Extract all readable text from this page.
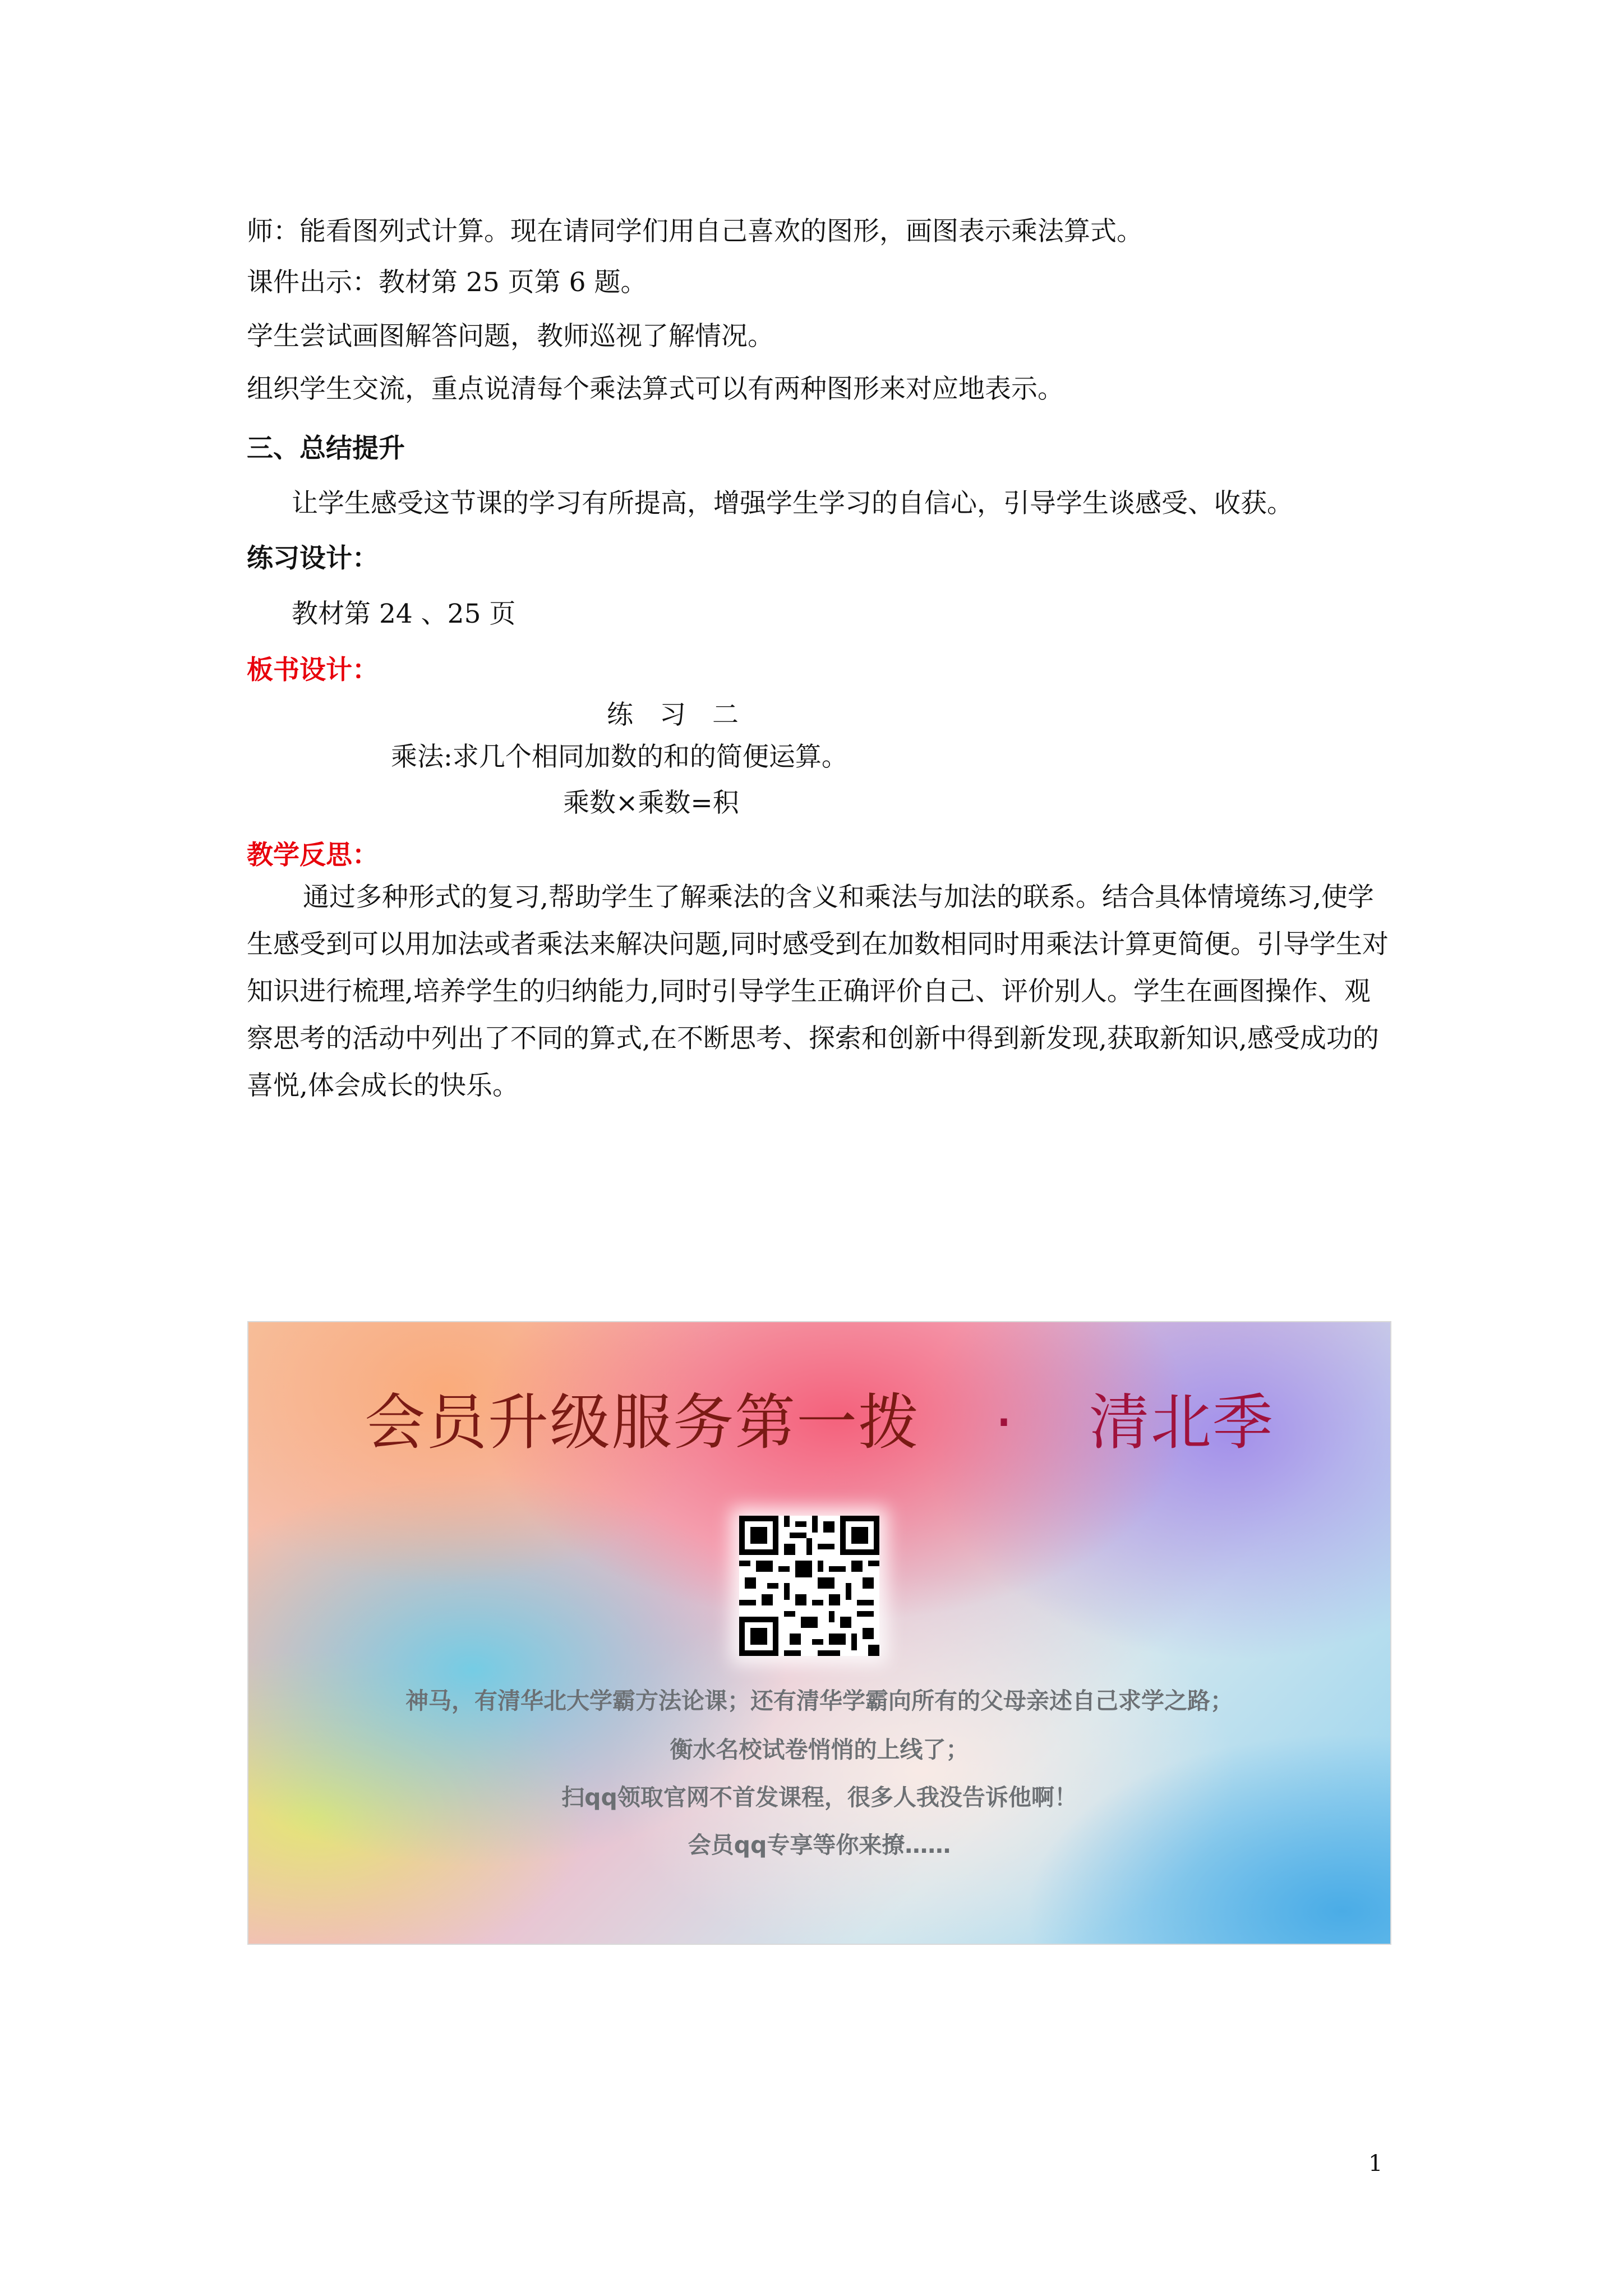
师：能看图列式计算。现在请同学们用自己喜欢的图形，画图表示乘法算式。
课件出示：教材第 25 页第 6 题。
学生尝试画图解答问题，教师巡视了解情况。
组织学生交流，重点说清每个乘法算式可以有两种图形来对应地表示。
三、总结提升
让学生感受这节课的学习有所提高，增强学生学习的自信心，引导学生谈感受、收获。
练习设计：
教材第 24 、25 页
板书设计：
练　习　二
乘法:求几个相同加数的和的简便运算。
乘数×乘数=积
教学反思：
通过多种形式的复习,帮助学生了解乘法的含义和乘法与加法的联系。结合具体情境练习,使学生感受到可以用加法或者乘法来解决问题,同时感受到在加数相同时用乘法计算更简便。引导学生对知识进行梳理,培养学生的归纳能力,同时引导学生正确评价自己、评价别人。学生在画图操作、观察思考的活动中列出了不同的算式,在不断思考、探索和创新中得到新发现,获取新知识,感受成功的喜悦,体会成长的快乐。
会员升级服务第一拨 · 清北季
神马，有清华北大学霸方法论课；还有清华学霸向所有的父母亲述自己求学之路；
衡水名校试卷悄悄的上线了；
扫qq领取官网不首发课程，很多人我没告诉他啊！
会员qq专享等你来撩……
1
